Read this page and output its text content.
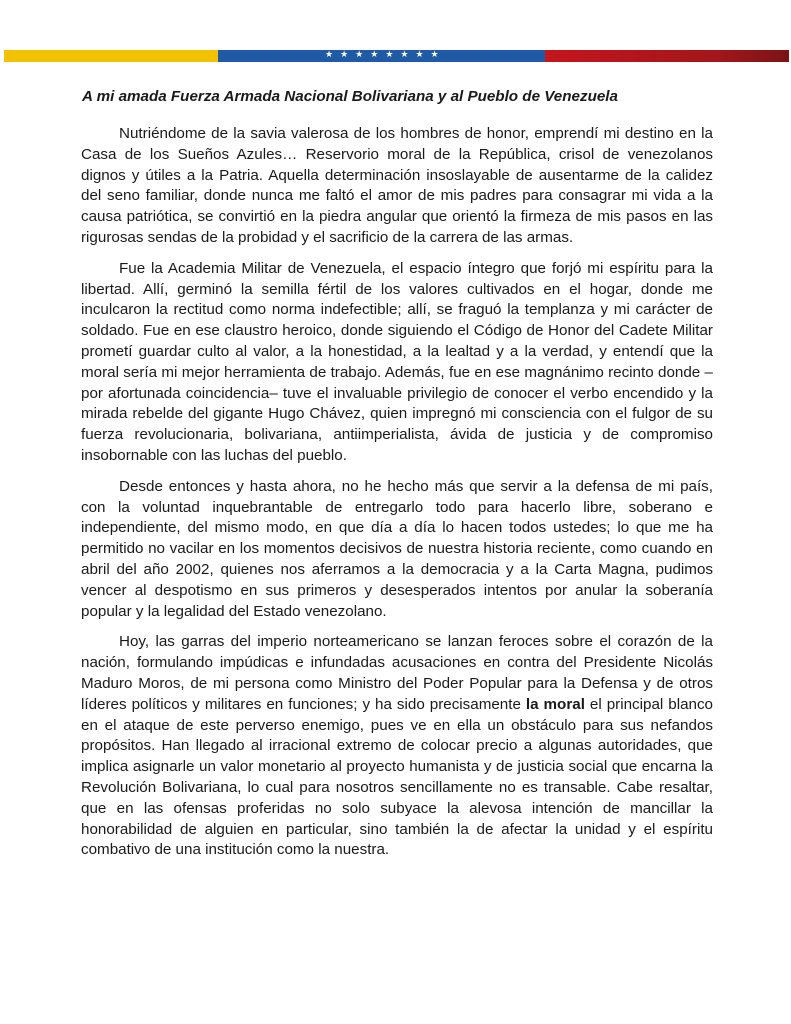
★ ★ ★ ★ ★ ★ ★ ★
A mi amada Fuerza Armada Nacional Bolivariana y al Pueblo de Venezuela

Nutriéndome de la savia valerosa de los hombres de honor, emprendí mi destino en la Casa de los Sueños Azules… Reservorio moral de la República, crisol de venezolanos dignos y útiles a la Patria. Aquella determinación insoslayable de ausentarme de la calidez del seno familiar, donde nunca me faltó el amor de mis padres para consagrar mi vida a la causa patriótica, se convirtió en la piedra angular que orientó la firmeza de mis pasos en las rigurosas sendas de la probidad y el sacrificio de la carrera de las armas.

Fue la Academia Militar de Venezuela, el espacio íntegro que forjó mi espíritu para la libertad. Allí, germinó la semilla fértil de los valores cultivados en el hogar, donde me inculcaron la rectitud como norma indefectible; allí, se fraguó la templanza y mi carácter de soldado. Fue en ese claustro heroico, donde siguiendo el Código de Honor del Cadete Militar prometí guardar culto al valor, a la honestidad, a la lealtad y a la verdad, y entendí que la moral sería mi mejor herramienta de trabajo. Además, fue en ese magnánimo recinto donde –por afortunada coincidencia– tuve el invaluable privilegio de conocer el verbo encendido y la mirada rebelde del gigante Hugo Chávez, quien impregnó mi consciencia con el fulgor de su fuerza revolucionaria, bolivariana, antiimperialista, ávida de justicia y de compromiso insobornable con las luchas del pueblo.

Desde entonces y hasta ahora, no he hecho más que servir a la defensa de mi país, con la voluntad inquebrantable de entregarlo todo para hacerlo libre, soberano e independiente, del mismo modo, en que día a día lo hacen todos ustedes; lo que me ha permitido no vacilar en los momentos decisivos de nuestra historia reciente, como cuando en abril del año 2002, quienes nos aferramos a la democracia y a la Carta Magna, pudimos vencer al despotismo en sus primeros y desesperados intentos por anular la soberanía popular y la legalidad del Estado venezolano.

Hoy, las garras del imperio norteamericano se lanzan feroces sobre el corazón de la nación, formulando impúdicas e infundadas acusaciones en contra del Presidente Nicolás Maduro Moros, de mi persona como Ministro del Poder Popular para la Defensa y de otros líderes políticos y militares en funciones; y ha sido precisamente la moral el principal blanco en el ataque de este perverso enemigo, pues ve en ella un obstáculo para sus nefandos propósitos. Han llegado al irracional extremo de colocar precio a algunas autoridades, que implica asignarle un valor monetario al proyecto humanista y de justicia social que encarna la Revolución Bolivariana, lo cual para nosotros sencillamente no es transable. Cabe resaltar, que en las ofensas proferidas no solo subyace la alevosa intención de mancillar la honorabilidad de alguien en particular, sino también la de afectar la unidad y el espíritu combativo de una institución como la nuestra.
